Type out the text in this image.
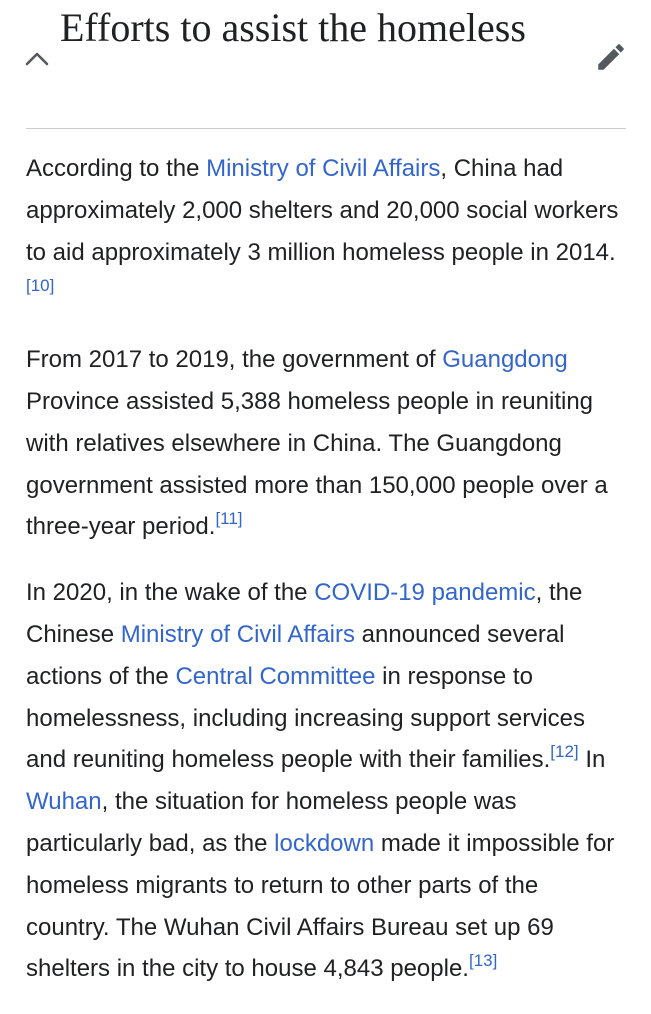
Efforts to assist the homeless

According to the Ministry of Civil Affairs, China had approximately 2,000 shelters and 20,000 social workers to aid approximately 3 million homeless people in 2014.[10]

From 2017 to 2019, the government of Guangdong Province assisted 5,388 homeless people in reuniting with relatives elsewhere in China. The Guangdong government assisted more than 150,000 people over a three-year period.[11]

In 2020, in the wake of the COVID-19 pandemic, the Chinese Ministry of Civil Affairs announced several actions of the Central Committee in response to homelessness, including increasing support services and reuniting homeless people with their families.[12] In Wuhan, the situation for homeless people was particularly bad, as the lockdown made it impossible for homeless migrants to return to other parts of the country. The Wuhan Civil Affairs Bureau set up 69 shelters in the city to house 4,843 people.[13]
